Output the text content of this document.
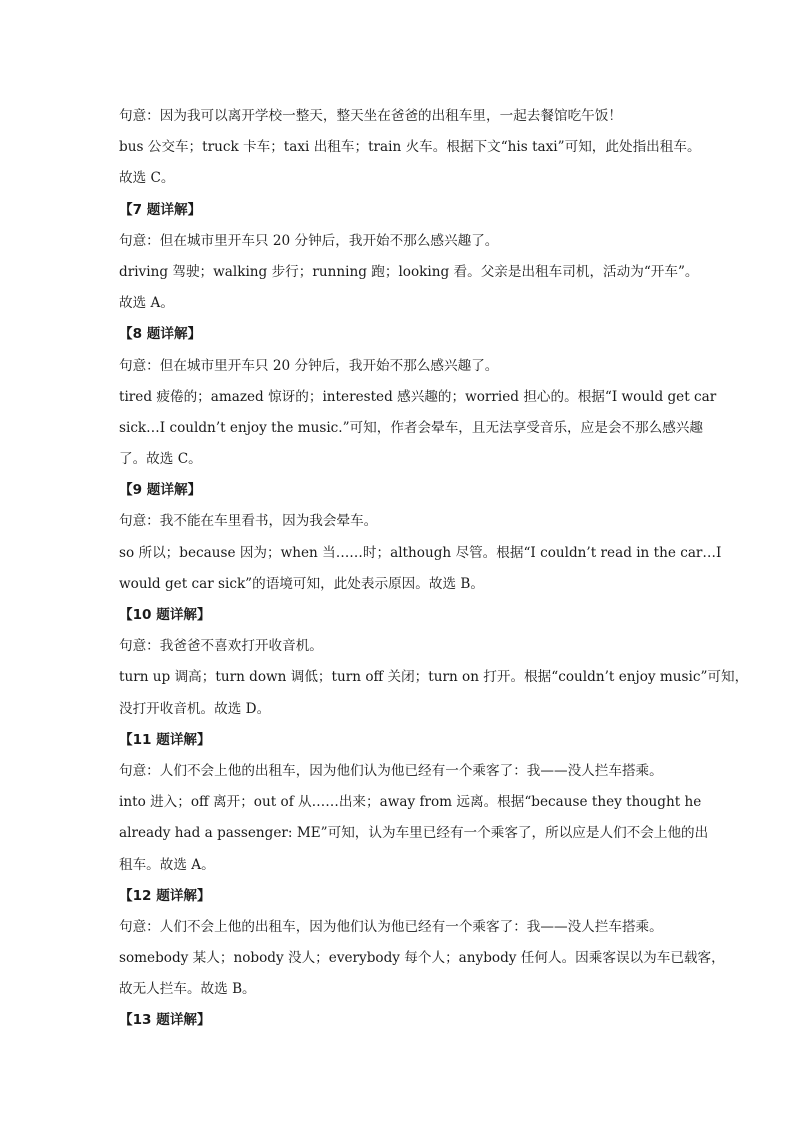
句意：因为我可以离开学校一整天，整天坐在爸爸的出租车里，一起去餐馆吃午饭！
bus 公交车；truck 卡车；taxi 出租车；train 火车。根据下文“his taxi”可知，此处指出租车。
故选 C。
【7 题详解】
句意：但在城市里开车只 20 分钟后，我开始不那么感兴趣了。
driving 驾驶；walking 步行；running 跑；looking 看。父亲是出租车司机，活动为“开车”。
故选 A。
【8 题详解】
句意：但在城市里开车只 20 分钟后，我开始不那么感兴趣了。
tired 疲倦的；amazed 惊讶的；interested 感兴趣的；worried 担心的。根据“I would get car
sick…I couldn’t enjoy the music.”可知，作者会晕车，且无法享受音乐，应是会不那么感兴趣
了。故选 C。
【9 题详解】
句意：我不能在车里看书，因为我会晕车。
so 所以；because 因为；when 当……时；although 尽管。根据“I couldn’t read in the car…I
would get car sick”的语境可知，此处表示原因。故选 B。
【10 题详解】
句意：我爸爸不喜欢打开收音机。
turn up 调高；turn down 调低；turn off 关闭；turn on 打开。根据“couldn’t enjoy music”可知，
没打开收音机。故选 D。
【11 题详解】
句意：人们不会上他的出租车，因为他们认为他已经有一个乘客了：我——没人拦车搭乘。
into 进入；off 离开；out of 从……出来；away from 远离。根据“because they thought he
already had a passenger: ME”可知，认为车里已经有一个乘客了，所以应是人们不会上他的出
租车。故选 A。
【12 题详解】
句意：人们不会上他的出租车，因为他们认为他已经有一个乘客了：我——没人拦车搭乘。
somebody 某人；nobody 没人；everybody 每个人；anybody 任何人。因乘客误以为车已载客，
故无人拦车。故选 B。
【13 题详解】
